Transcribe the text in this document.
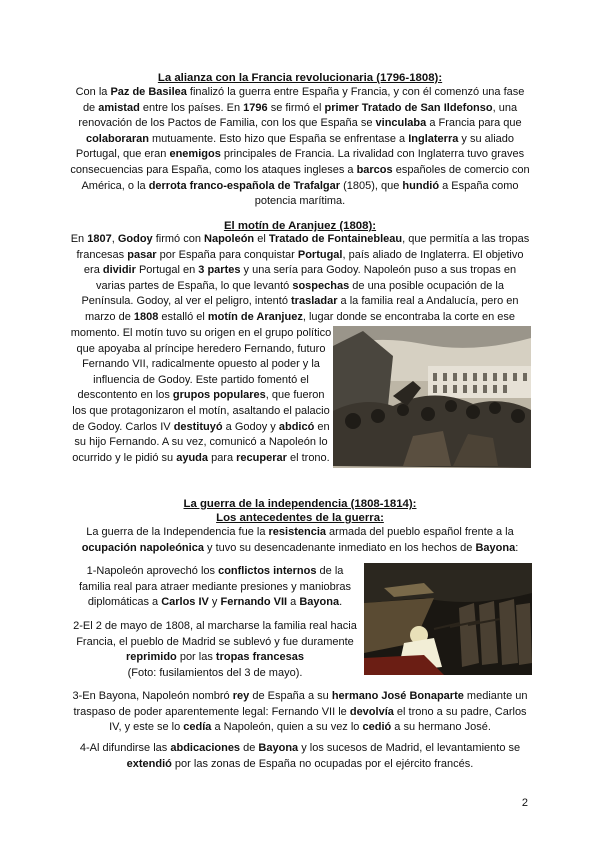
La alianza con la Francia revolucionaria (1796-1808):
Con la Paz de Basilea finalizó la guerra entre España y Francia, y con él comenzó una fase de amistad entre los países. En 1796 se firmó el primer Tratado de San Ildefonso, una renovación de los Pactos de Familia, con los que España se vinculaba a Francia para que colaboraran mutuamente. Esto hizo que España se enfrentase a Inglaterra y su aliado Portugal, que eran enemigos principales de Francia. La rivalidad con Inglaterra tuvo graves consecuencias para España, como los ataques ingleses a barcos españoles de comercio con América, o la derrota franco-española de Trafalgar (1805), que hundió a España como potencia marítima.
El motín de Aranjuez (1808):
En 1807, Godoy firmó con Napoleón el Tratado de Fontainebleau, que permitía a las tropas francesas pasar por España para conquistar Portugal, país aliado de Inglaterra. El objetivo era dividir Portugal en 3 partes y una sería para Godoy. Napoleón puso a sus tropas en varias partes de España, lo que levantó sospechas de una posible ocupación de la Península. Godoy, al ver el peligro, intentó trasladar a la familia real a Andalucía, pero en marzo de 1808 estalló el motín de Aranjuez, lugar donde se encontraba la corte en ese
momento. El motín tuvo su origen en el grupo político que apoyaba al príncipe heredero Fernando, futuro Fernando VII, radicalmente opuesto al poder y la influencia de Godoy. Este partido fomentó el descontento en los grupos populares, que fueron los que protagonizaron el motín, asaltando el palacio de Godoy. Carlos IV destituyó a Godoy y abdicó en su hijo Fernando. A su vez, comunicó a Napoleón lo ocurrido y le pidió su ayuda para recuperar el trono.
La guerra de la independencia (1808-1814):
Los antecedentes de la guerra:
La guerra de la Independencia fue la resistencia armada del pueblo español frente a la ocupación napoleónica y tuvo su desencadenante inmediato en los hechos de Bayona:
1-Napoleón aprovechó los conflictos internos de la familia real para atraer mediante presiones y maniobras diplomáticas a Carlos IV y Fernando VII a Bayona.
2-El 2 de mayo de 1808, al marcharse la familia real hacia Francia, el pueblo de Madrid se sublevó y fue duramente reprimido por las tropas francesas
(Foto: fusilamientos del 3 de mayo).
3-En Bayona, Napoleón nombró rey de España a su hermano José Bonaparte mediante un traspaso de poder aparentemente legal: Fernando VII le devolvía el trono a su padre, Carlos IV, y este se lo cedía a Napoleón, quien a su vez lo cedió a su hermano José.
4-Al difundirse las abdicaciones de Bayona y los sucesos de Madrid, el levantamiento se extendió por las zonas de España no ocupadas por el ejército francés.
2
